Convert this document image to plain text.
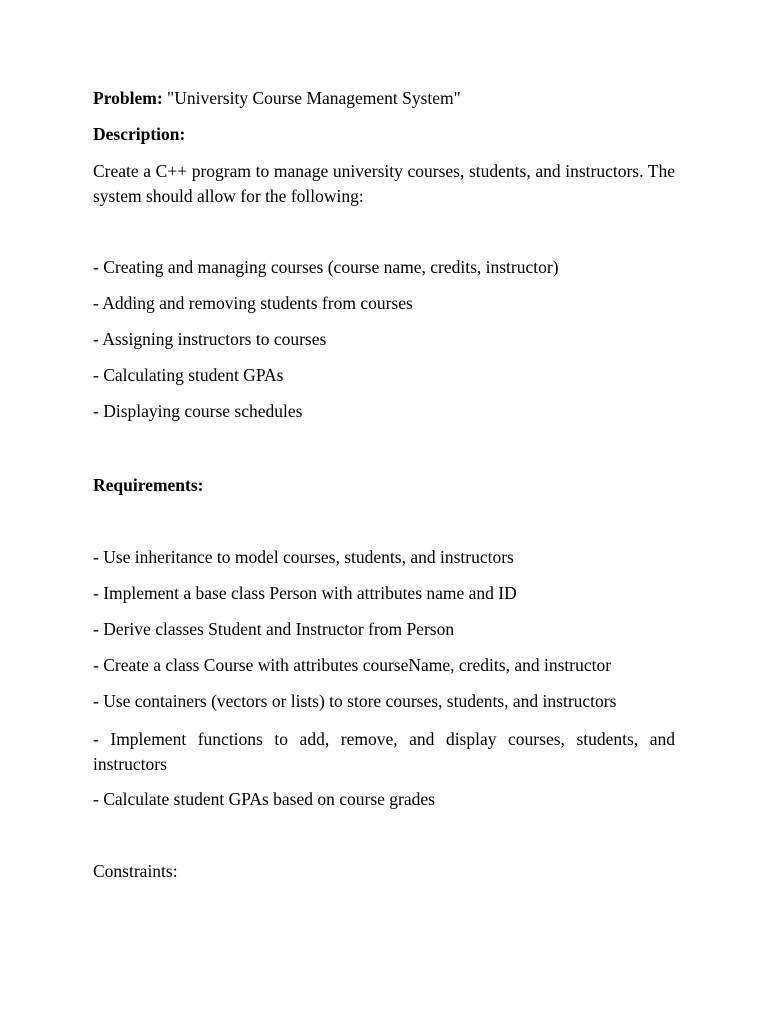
Problem: "University Course Management System"
Description:
Create a C++ program to manage university courses, students, and instructors. The system should allow for the following:
- Creating and managing courses (course name, credits, instructor)
- Adding and removing students from courses
- Assigning instructors to courses
- Calculating student GPAs
- Displaying course schedules
Requirements:
- Use inheritance to model courses, students, and instructors
- Implement a base class Person with attributes name and ID
- Derive classes Student and Instructor from Person
- Create a class Course with attributes courseName, credits, and instructor
- Use containers (vectors or lists) to store courses, students, and instructors
- Implement functions to add, remove, and display courses, students, and instructors
- Calculate student GPAs based on course grades
Constraints:
